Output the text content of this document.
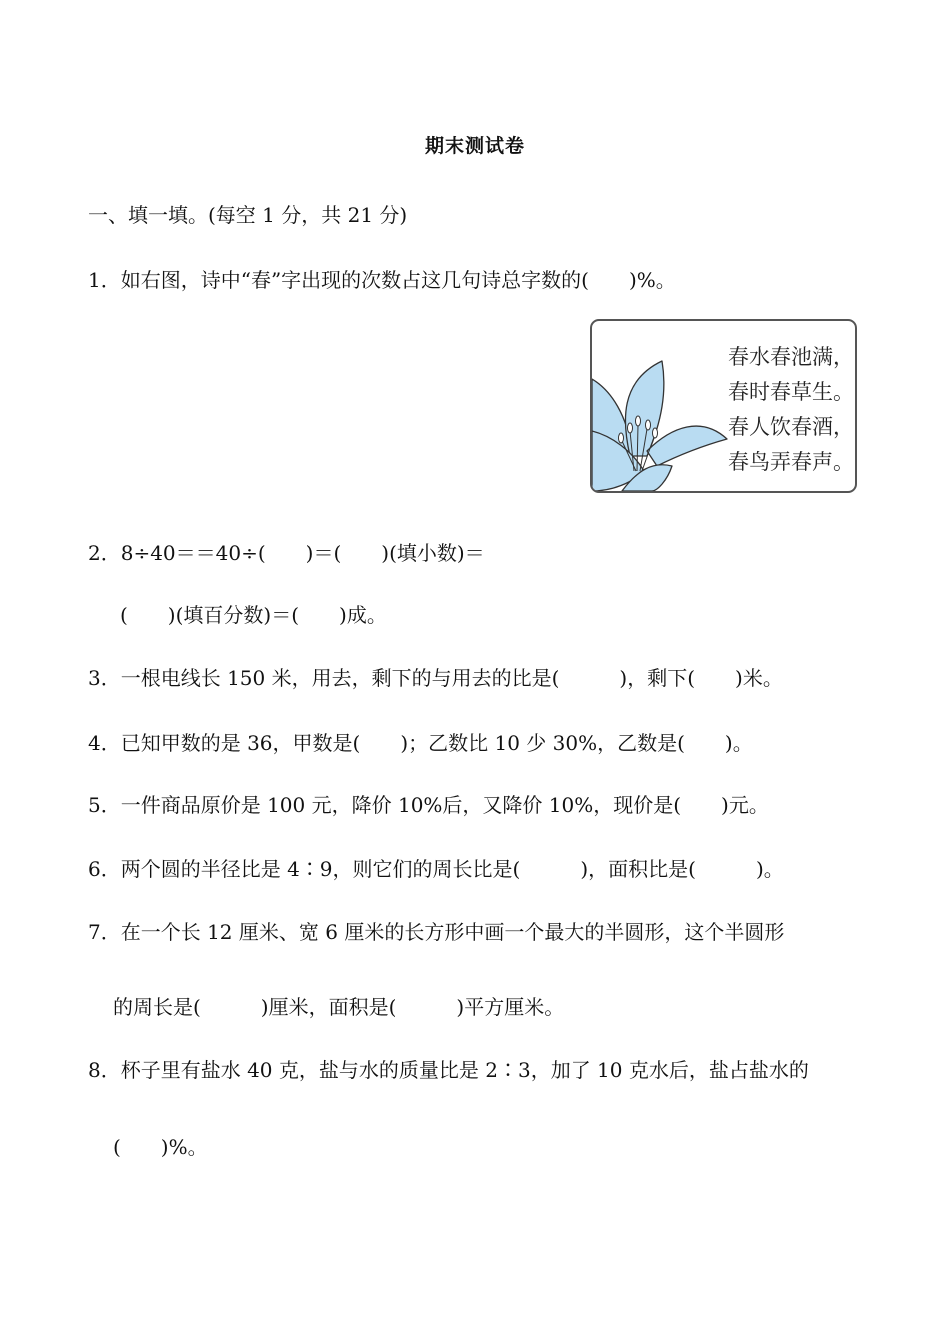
期末测试卷
一、填一填。(每空 1 分，共 21 分)
1．如右图，诗中“春”字出现的次数占这几句诗总字数的(　　)%。
春水春池满，
春时春草生。
春人饮春酒，
春鸟弄春声。
2．8÷40＝＝40÷(　　)＝(　　)(填小数)＝
(　　)(填百分数)＝(　　)成。
3．一根电线长 150 米，用去，剩下的与用去的比是(　　　)，剩下(　　)米。
4．已知甲数的是 36，甲数是(　　)；乙数比 10 少 30%，乙数是(　　)。
5．一件商品原价是 100 元，降价 10%后，又降价 10%，现价是(　　)元。
6．两个圆的半径比是 4∶9，则它们的周长比是(　　　)，面积比是(　　　)。
7．在一个长 12 厘米、宽 6 厘米的长方形中画一个最大的半圆形，这个半圆形
的周长是(　　　)厘米，面积是(　　　)平方厘米。
8．杯子里有盐水 40 克，盐与水的质量比是 2∶3，加了 10 克水后，盐占盐水的
(　　)%。
